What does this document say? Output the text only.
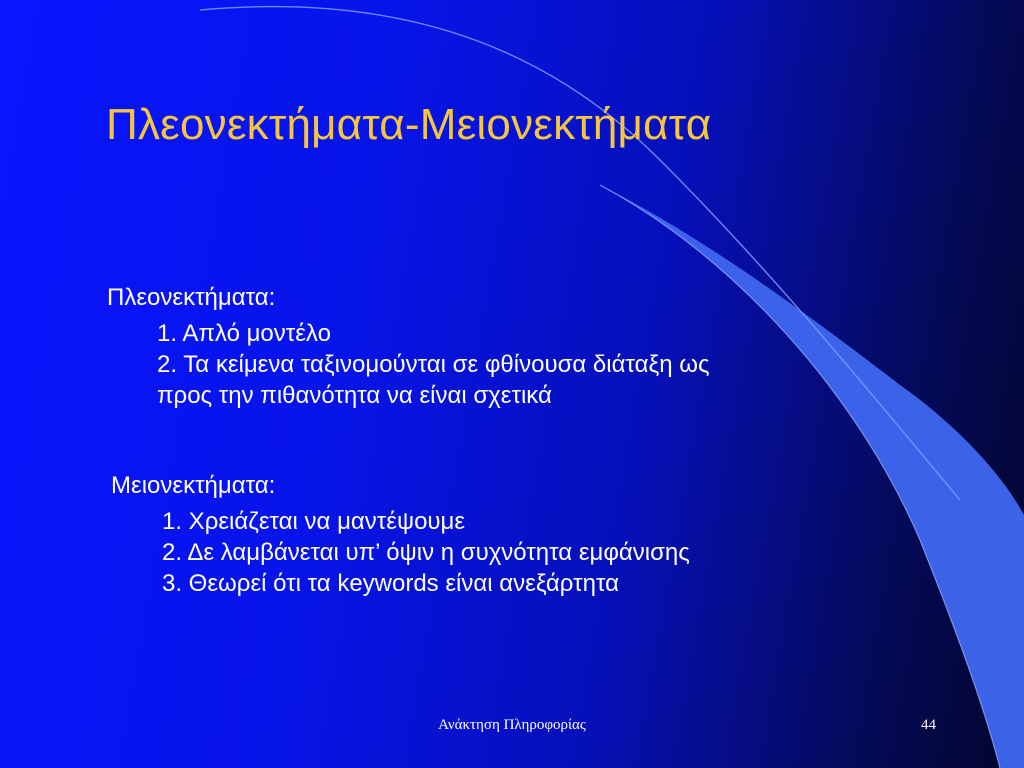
Πλεονεκτήματα-Μειονεκτήματα
Πλεονεκτήματα:
1. Απλό μοντέλο
2. Τα κείμενα ταξινομούνται σε φθίνουσα διάταξη ως
προς την πιθανότητα να είναι σχετικά
Μειονεκτήματα:
1. Χρειάζεται να μαντέψουμε
2. Δε λαμβάνεται υπ’ όψιν η συχνότητα εμφάνισης
3. Θεωρεί ότι τα keywords είναι ανεξάρτητα
Ανάκτηση Πληροφορίας	44
